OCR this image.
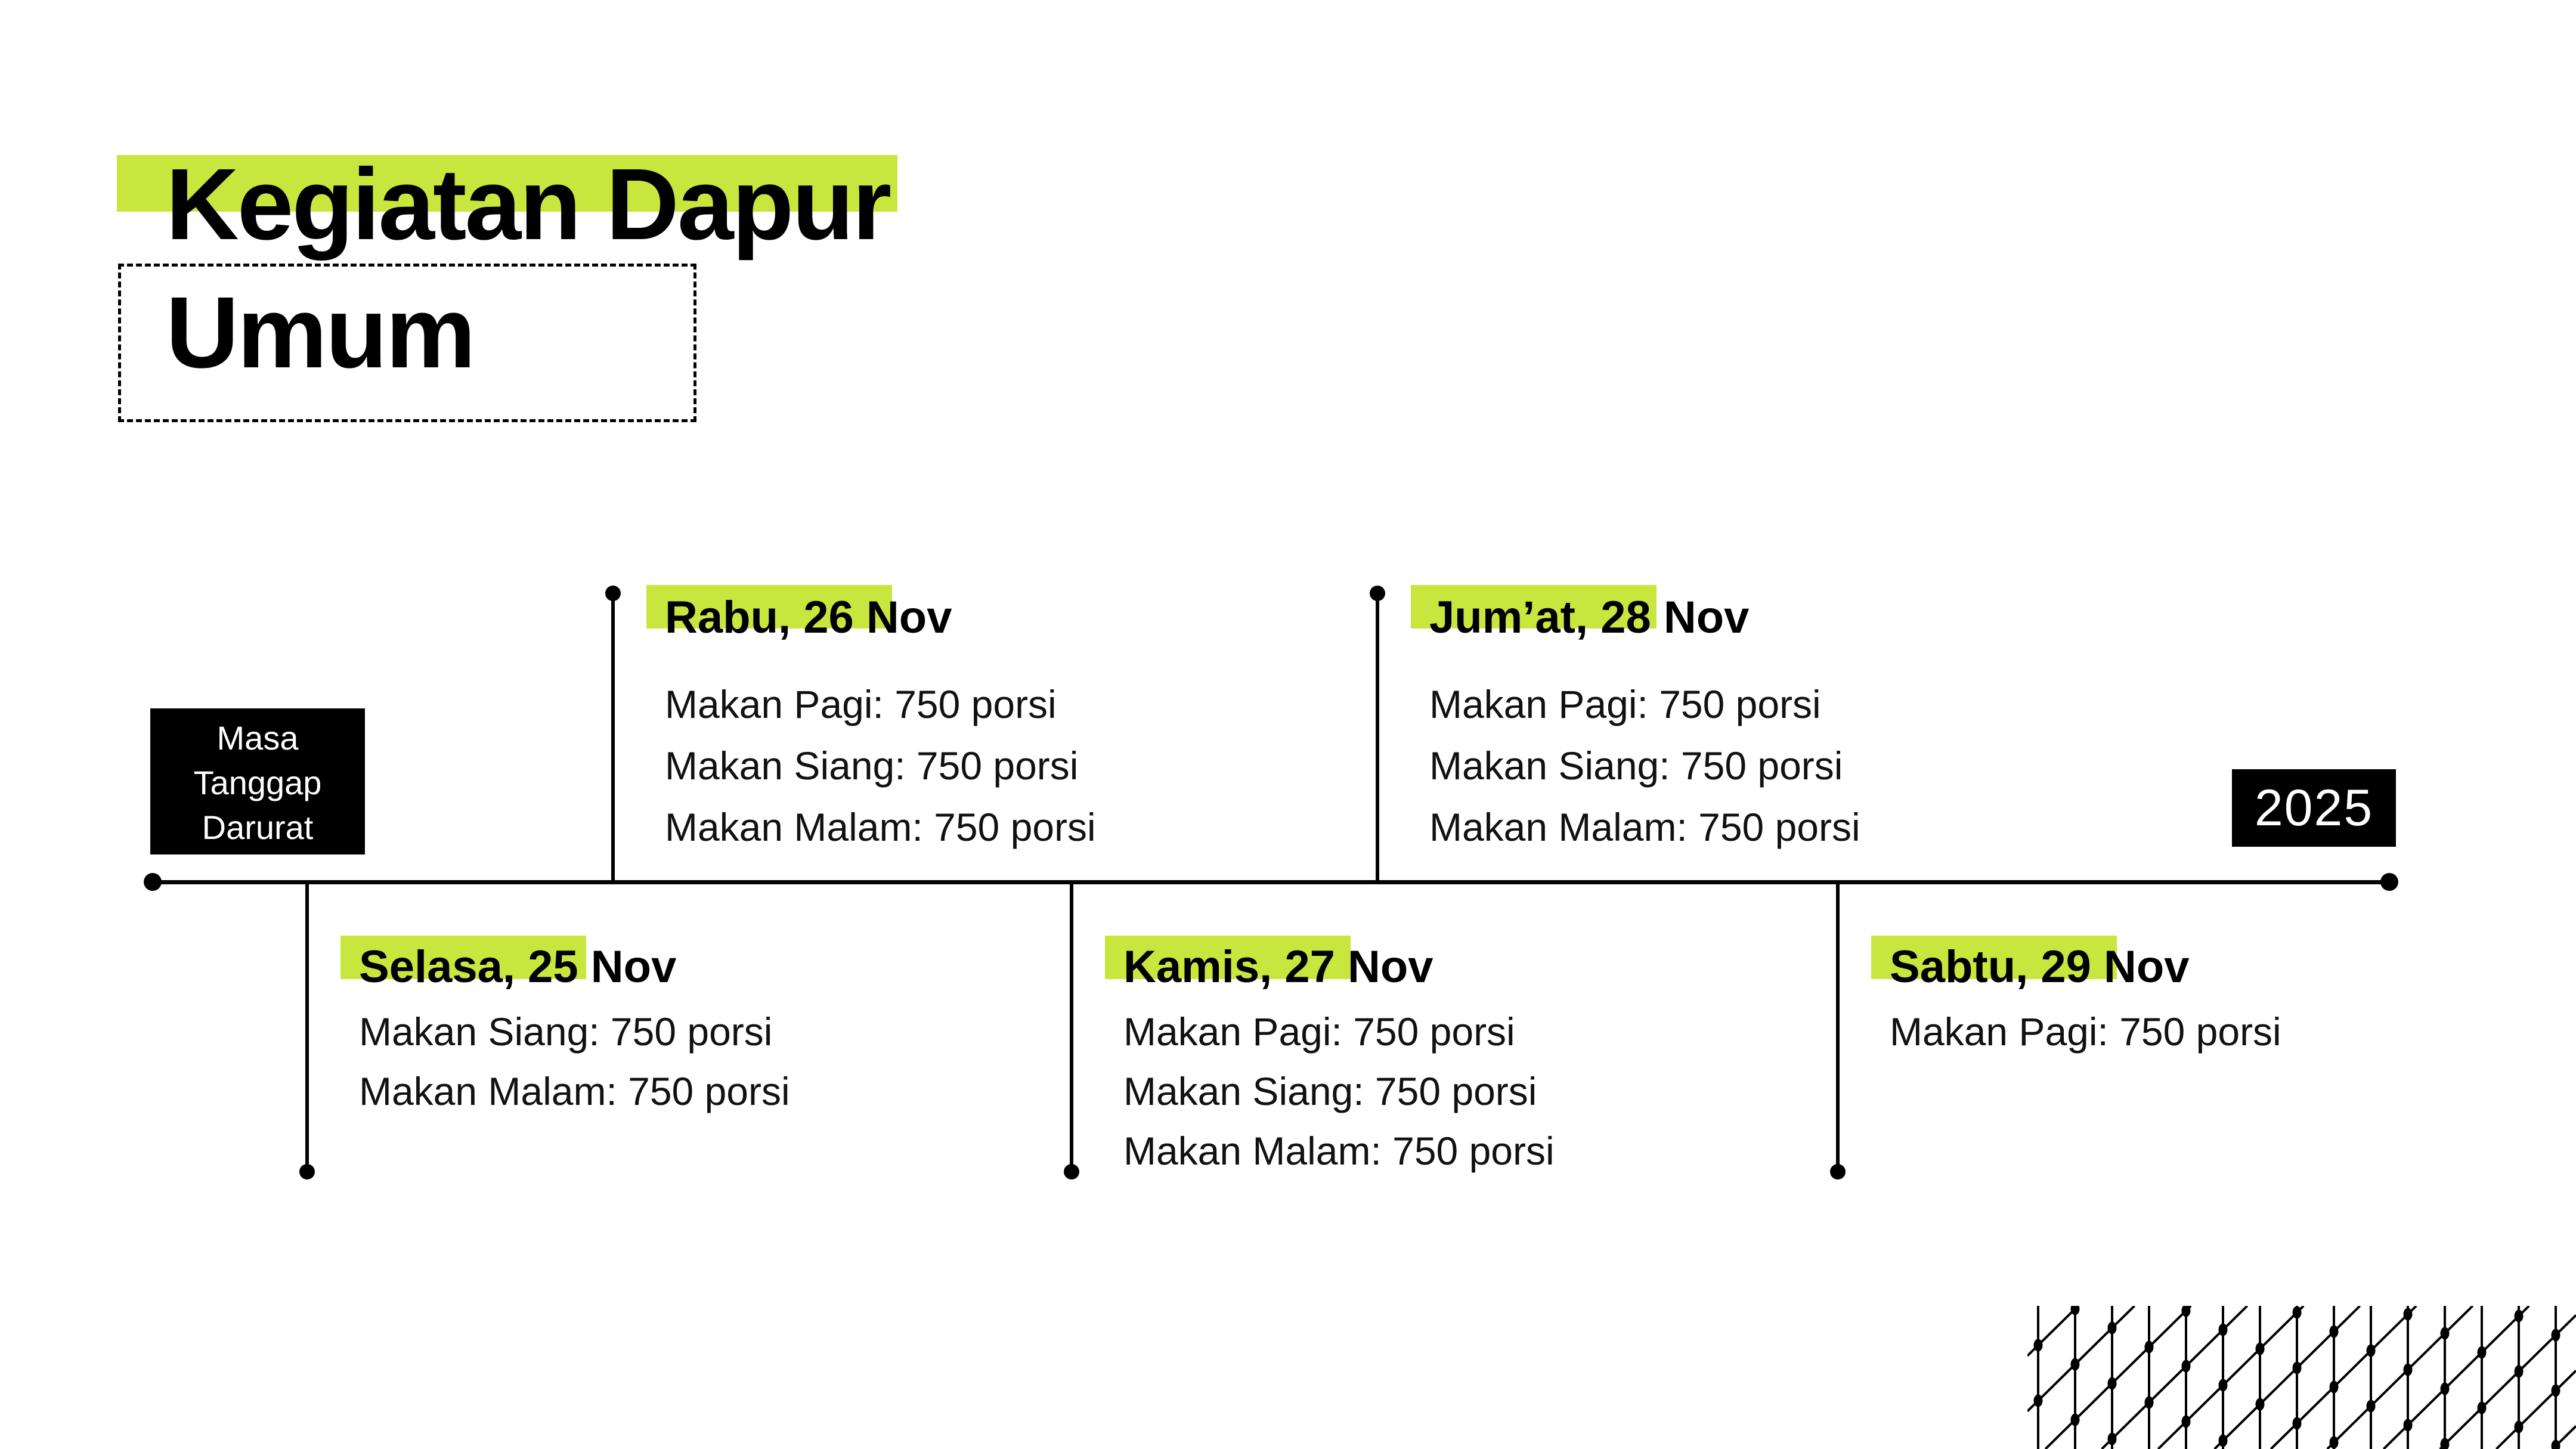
Kegiatan Dapur
Umum
Masa Tanggap Darurat	2025
Rabu, 26 Nov
Makan Pagi: 750 porsi
Makan Siang: 750 porsi
Makan Malam: 750 porsi
Jum’at, 28 Nov
Makan Pagi: 750 porsi
Makan Siang: 750 porsi
Makan Malam: 750 porsi
Selasa, 25 Nov
Makan Siang: 750 porsi
Makan Malam: 750 porsi
Kamis, 27 Nov
Makan Pagi: 750 porsi
Makan Siang: 750 porsi
Makan Malam: 750 porsi
Sabtu, 29 Nov
Makan Pagi: 750 porsi
